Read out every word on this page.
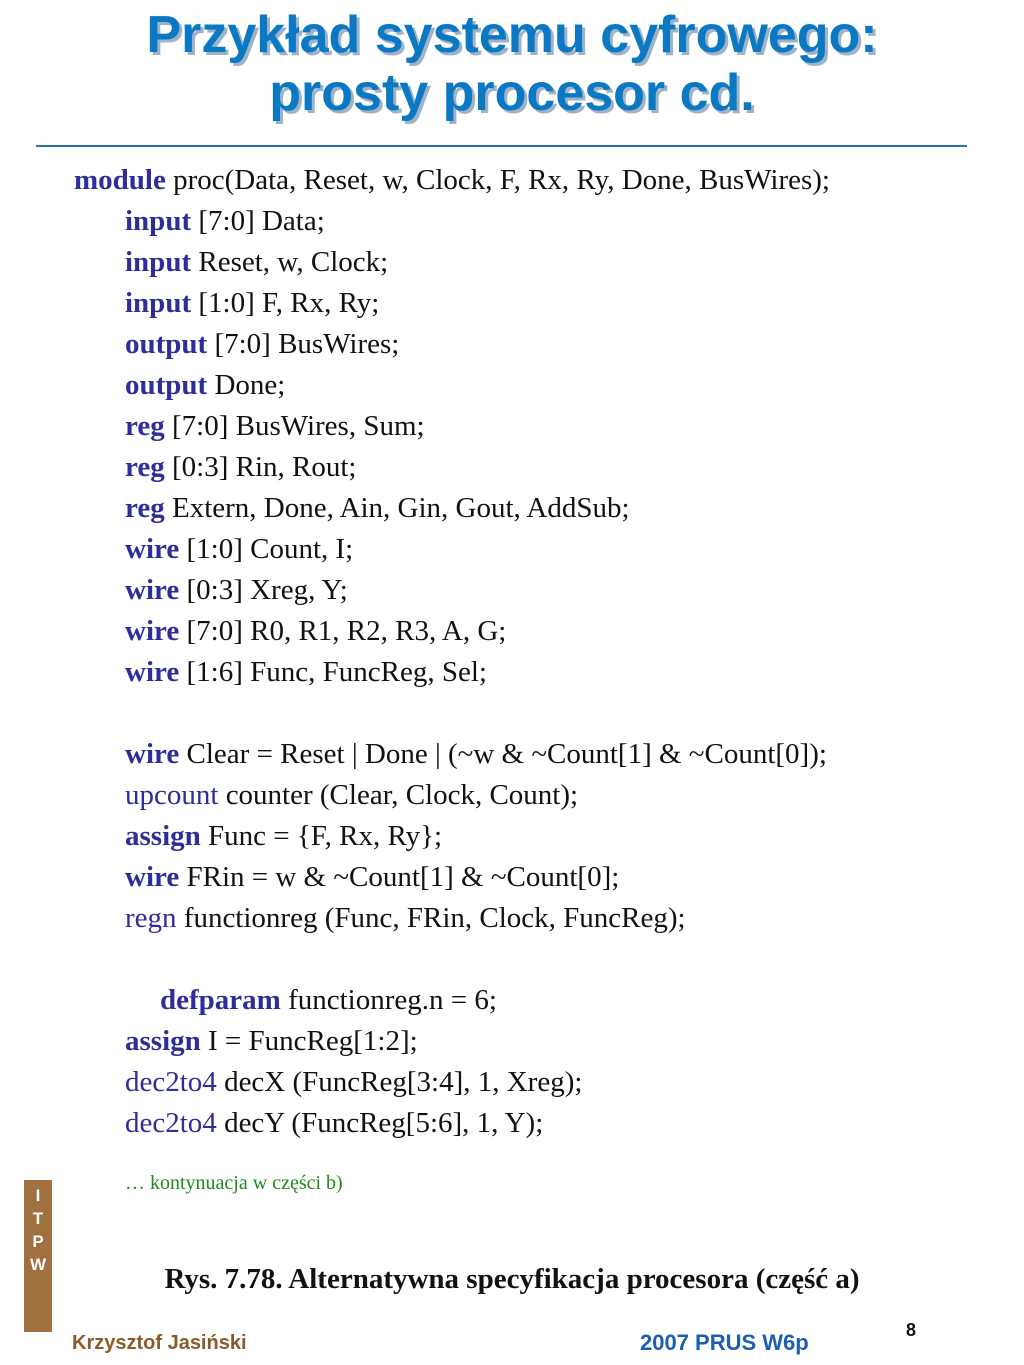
Przykład systemu cyfrowego:
prosty procesor cd.
module proc(Data, Reset, w, Clock, F, Rx, Ry, Done, BusWires);
input [7:0] Data;
input Reset, w, Clock;
input [1:0] F, Rx, Ry;
output [7:0] BusWires;
output Done;
reg [7:0] BusWires, Sum;
reg [0:3] Rin, Rout;
reg Extern, Done, Ain, Gin, Gout, AddSub;
wire [1:0] Count, I;
wire [0:3] Xreg, Y;
wire [7:0] R0, R1, R2, R3, A, G;
wire [1:6] Func, FuncReg, Sel;
wire Clear = Reset | Done | (~w & ~Count[1] & ~Count[0]);
upcount counter (Clear, Clock, Count);
assign Func = {F, Rx, Ry};
wire FRin = w & ~Count[1] & ~Count[0];
regn functionreg (Func, FRin, Clock, FuncReg);
defparam functionreg.n = 6;
assign I = FuncReg[1:2];
dec2to4 decX (FuncReg[3:4], 1, Xreg);
dec2to4 decY (FuncReg[5:6], 1, Y);
… kontynuacja w części b)
Rys. 7.78. Alternatywna specyfikacja procesora (część a)
I
T
P
W
Krzysztof Jasiński	2007 PRUS W6p	8
